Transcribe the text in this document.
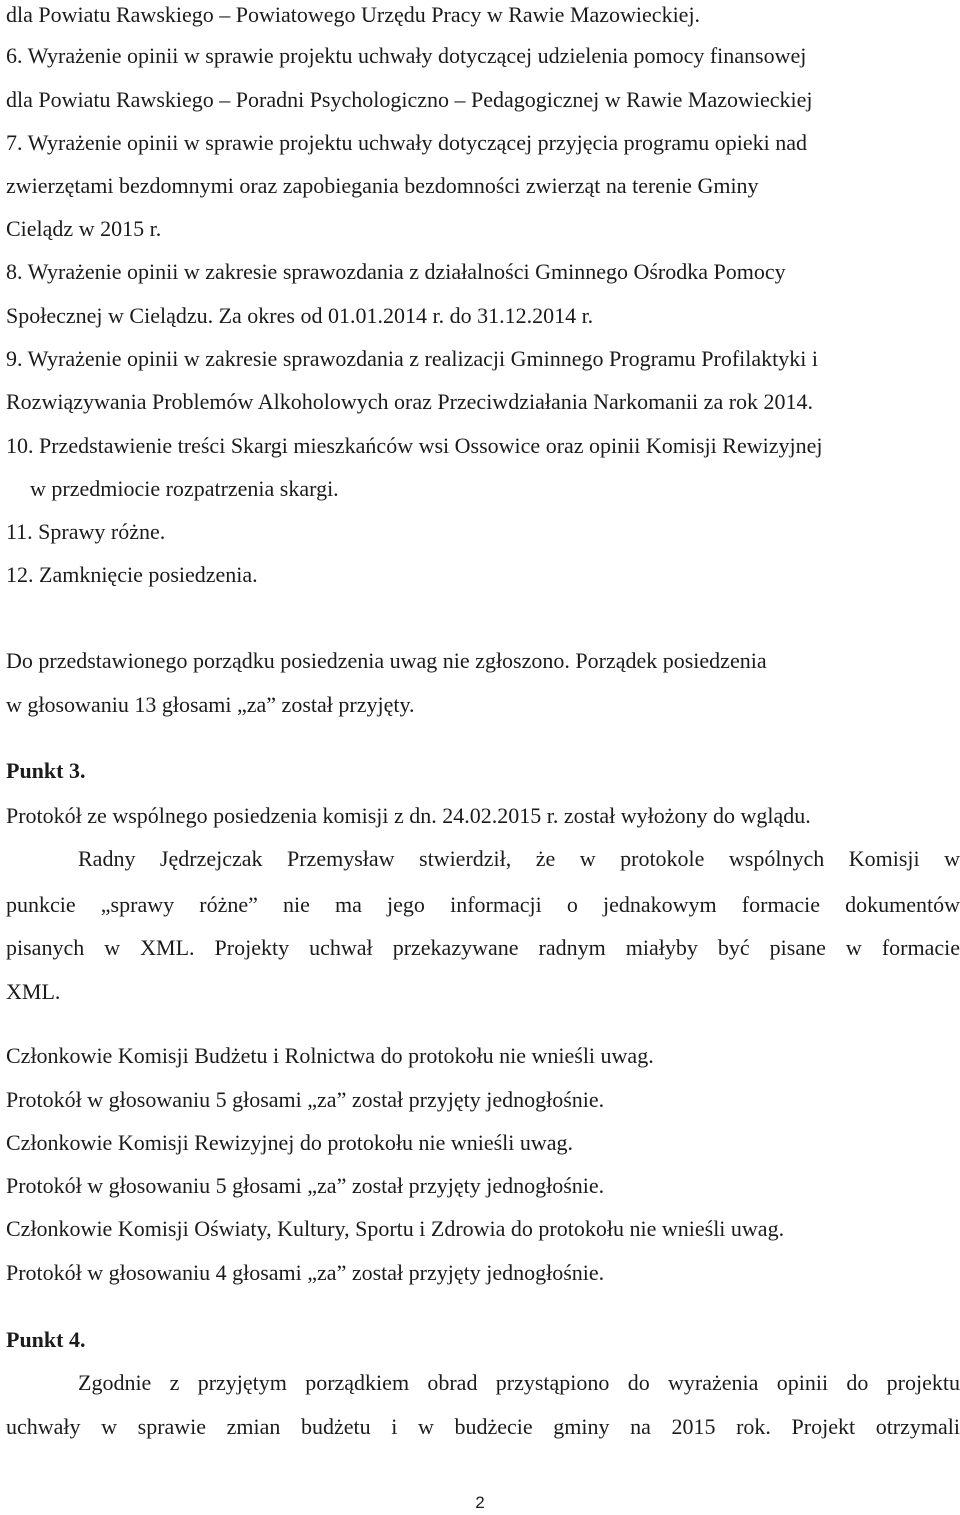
dla Powiatu Rawskiego – Powiatowego Urzędu Pracy w Rawie Mazowieckiej.
6. Wyrażenie opinii w sprawie projektu uchwały dotyczącej udzielenia pomocy finansowej
dla Powiatu Rawskiego – Poradni Psychologiczno – Pedagogicznej w Rawie Mazowieckiej
7. Wyrażenie opinii w sprawie projektu uchwały dotyczącej przyjęcia programu opieki nad
zwierzętami bezdomnymi oraz zapobiegania bezdomności zwierząt na terenie Gminy
Cielądz w 2015 r.
8. Wyrażenie opinii w zakresie sprawozdania z działalności Gminnego Ośrodka Pomocy
Społecznej w Cielądzu. Za okres od 01.01.2014 r. do 31.12.2014 r.
9. Wyrażenie opinii w zakresie sprawozdania z realizacji Gminnego Programu Profilaktyki i
Rozwiązywania Problemów Alkoholowych oraz Przeciwdziałania Narkomanii za rok 2014.
10. Przedstawienie treści Skargi mieszkańców wsi Ossowice oraz opinii Komisji Rewizyjnej
w przedmiocie rozpatrzenia skargi.
11. Sprawy różne.
12. Zamknięcie posiedzenia.
Do przedstawionego porządku posiedzenia uwag nie zgłoszono. Porządek posiedzenia
w głosowaniu 13 głosami „za” został przyjęty.
Punkt 3.
Protokół ze wspólnego posiedzenia komisji z dn. 24.02.2015 r. został wyłożony do wglądu.
Radny Jędrzejczak Przemysław stwierdził, że w protokole wspólnych Komisji w
punkcie „sprawy różne” nie ma jego informacji o jednakowym formacie dokumentów
pisanych w XML. Projekty uchwał przekazywane radnym miałyby być pisane w formacie
XML.
Członkowie Komisji Budżetu i Rolnictwa do protokołu nie wnieśli uwag.
Protokół w głosowaniu 5 głosami „za” został przyjęty jednogłośnie.
Członkowie Komisji Rewizyjnej do protokołu nie wnieśli uwag.
Protokół w głosowaniu 5 głosami „za” został przyjęty jednogłośnie.
Członkowie Komisji Oświaty, Kultury, Sportu i Zdrowia do protokołu nie wnieśli uwag.
Protokół w głosowaniu 4 głosami „za” został przyjęty jednogłośnie.
Punkt 4.
Zgodnie z przyjętym porządkiem obrad przystąpiono do wyrażenia opinii do projektu
uchwały w sprawie zmian budżetu i w budżecie gminy na 2015 rok. Projekt otrzymali
2
